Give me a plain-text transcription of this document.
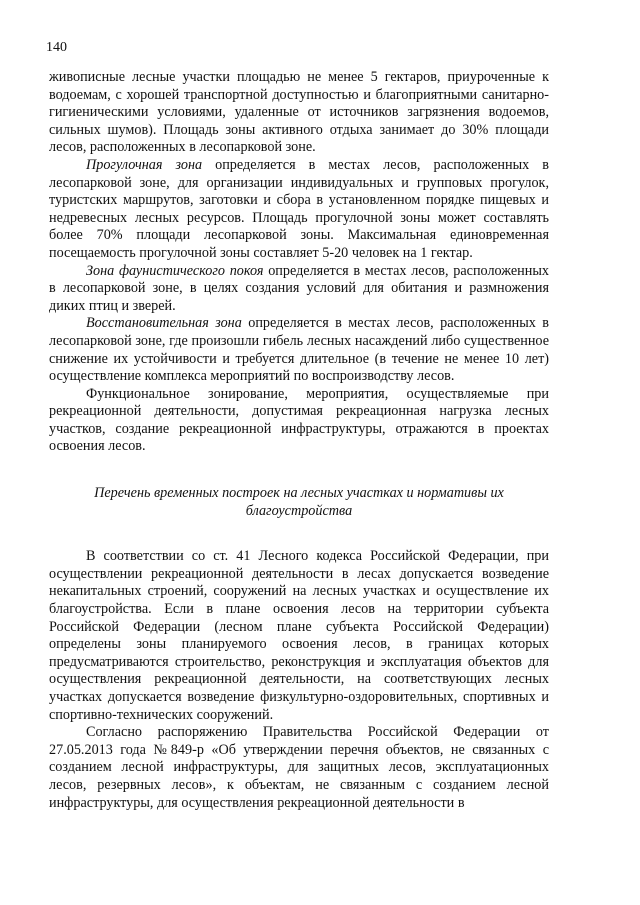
140

живописные лесные участки площадью не менее 5 гектаров, приуроченные к водоемам, с хорошей транспортной доступностью и благоприятными санитарно-гигиеническими условиями, удаленные от источников загрязнения водоемов, сильных шумов). Площадь зоны активного отдыха занимает до 30% площади лесов, расположенных в лесопарковой зоне.

Прогулочная зона определяется в местах лесов, расположенных в лесопарковой зоне, для организации индивидуальных и групповых прогулок, туристских маршрутов, заготовки и сбора в установленном порядке пищевых и недревесных лесных ресурсов. Площадь прогулочной зоны может составлять более 70% площади лесопарковой зоны. Максимальная единовременная посещаемость прогулочной зоны составляет 5-20 человек на 1 гектар.

Зона фаунистического покоя определяется в местах лесов, расположенных в лесопарковой зоне, в целях создания условий для обитания и размножения диких птиц и зверей.

Восстановительная зона определяется в местах лесов, расположенных в лесопарковой зоне, где произошли гибель лесных насаждений либо существенное снижение их устойчивости и требуется длительное (в течение не менее 10 лет) осуществление комплекса мероприятий по воспроизводству лесов.

Функциональное зонирование, мероприятия, осуществляемые при рекреационной деятельности, допустимая рекреационная нагрузка лесных участков, создание рекреационной инфраструктуры, отражаются в проектах освоения лесов.

Перечень временных построек на лесных участках и нормативы их
благоустройства

В соответствии со ст. 41 Лесного кодекса Российской Федерации, при осуществлении рекреационной деятельности в лесах допускается возведение некапитальных строений, сооружений на лесных участках и осуществление их благоустройства. Если в плане освоения лесов на территории субъекта Российской Федерации (лесном плане субъекта Российской Федерации) определены зоны планируемого освоения лесов, в границах которых предусматриваются строительство, реконструкция и эксплуатация объектов для осуществления рекреационной деятельности, на соответствующих лесных участках допускается возведение физкультурно-оздоровительных, спортивных и спортивно-технических сооружений.

Согласно распоряжению Правительства Российской Федерации от 27.05.2013 года №849-р «Об утверждении перечня объектов, не связанных с созданием лесной инфраструктуры, для защитных лесов, эксплуатационных лесов, резервных лесов», к объектам, не связанным с созданием лесной инфраструктуры, для осуществления рекреационной деятельности в
